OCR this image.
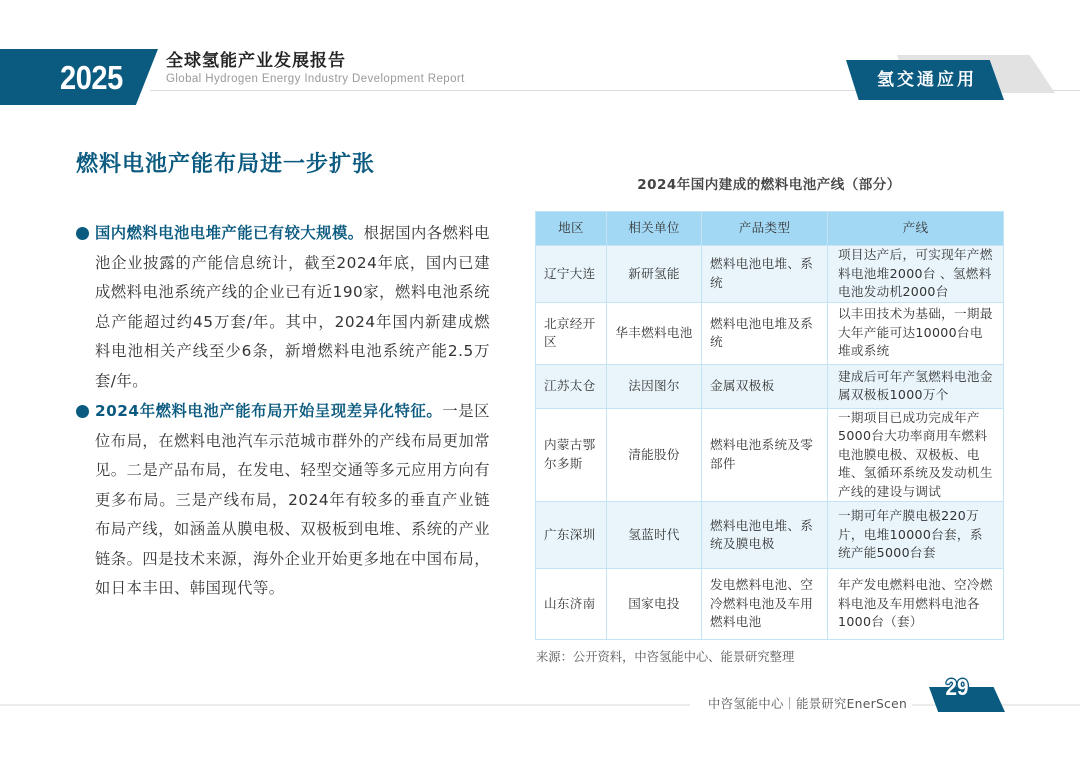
2025	全球氢能产业发展报告
Global Hydrogen Energy Industry Development Report	氢交通应用
燃料电池产能布局进一步扩张

国内燃料电池电堆产能已有较大规模。根据国内各燃料电池企业披露的产能信息统计，截至2024年底，国内已建成燃料电池系统产线的企业已有近190家，燃料电池系统总产能超过约45万套/年。其中，2024年国内新建成燃料电池相关产线至少6条，新增燃料电池系统产能2.5万套/年。

2024年燃料电池产能布局开始呈现差异化特征。一是区位布局，在燃料电池汽车示范城市群外的产线布局更加常见。二是产品布局，在发电、轻型交通等多元应用方向有更多布局。三是产线布局，2024年有较多的垂直产业链布局产线，如涵盖从膜电极、双极板到电堆、系统的产业链条。四是技术来源，海外企业开始更多地在中国布局，如日本丰田、韩国现代等。

2024年国内建成的燃料电池产线（部分）
地区	相关单位	产品类型	产线
辽宁大连	新研氢能	燃料电池电堆、系统	项目达产后，可实现年产燃料电池堆2000台 、氢燃料电池发动机2000台
北京经开区	华丰燃料电池	燃料电池电堆及系统	以丰田技术为基础，一期最大年产能可达10000台电堆或系统
江苏太仓	法因图尔	金属双极板	建成后可年产氢燃料电池金属双极板1000万个
内蒙古鄂尔多斯	清能股份	燃料电池系统及零部件	一期项目已成功完成年产5000台大功率商用车燃料电池膜电极、双极板、电堆、氢循环系统及发动机生产线的建设与调试
广东深圳	氢蓝时代	燃料电池电堆、系统及膜电极	一期可年产膜电极220万片，电堆10000台套，系统产能5000台套
山东济南	国家电投	发电燃料电池、空冷燃料电池及车用燃料电池	年产发电燃料电池、空冷燃料电池及车用燃料电池各1000台（套）
来源：公开资料，中咨氢能中心、能景研究整理
中咨氢能中心｜能景研究EnerScen
29
